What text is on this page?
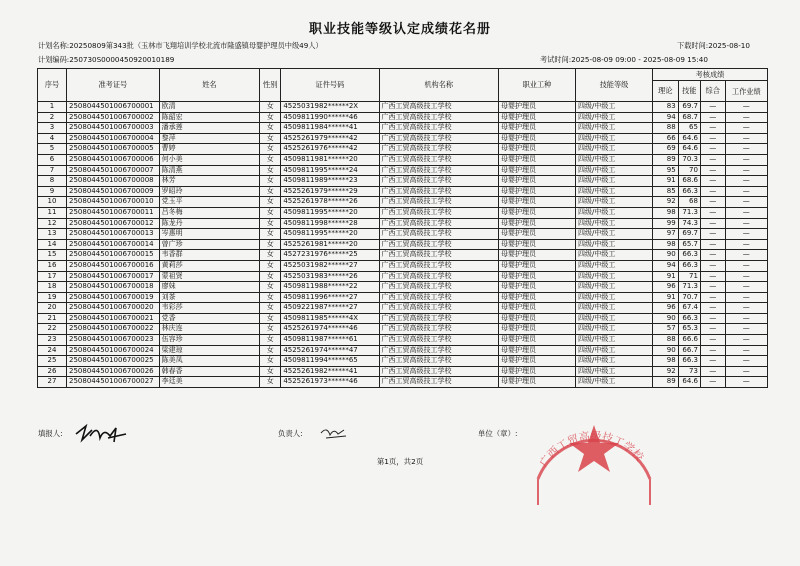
职业技能等级认定成绩花名册
计划名称:20250809第343批（玉林市飞翔培训学校北流市隆盛镇母婴护理员中级49人）
计划编码:250730S0000450920010189
下载时间:2025-08-10
考试时间:2025-08-09 09:00 - 2025-08-09 15:40
序号	准考证号	姓名	性别	证件号码	机构名称	职业工种	技能等级	考核成绩			
								理论	技能	综合	工作业绩
1	2508044501006700001	欧清	女	4525031982******2X	广西工贸高级技工学校	母婴护理员	四级/中级工	83	69.7	—	—
2	2508044501006700002	陈韶宏	女	4509811990******46	广西工贸高级技工学校	母婴护理员	四级/中级工	94	68.7	—	—
3	2508044501006700003	潘承莲	女	4509811984******41	广西工贸高级技工学校	母婴护理员	四级/中级工	88	65	—	—
4	2508044501006700004	黎萍	女	4525261979******42	广西工贸高级技工学校	母婴护理员	四级/中级工	66	64.6	—	—
5	2508044501006700005	曹婷	女	4525261976******42	广西工贸高级技工学校	母婴护理员	四级/中级工	69	64.6	—	—
6	2508044501006700006	何小美	女	4509811981******20	广西工贸高级技工学校	母婴护理员	四级/中级工	89	70.3	—	—
7	2508044501006700007	陈清燕	女	4509811995******24	广西工贸高级技工学校	母婴护理员	四级/中级工	95	70	—	—
8	2508044501006700008	林芳	女	4509811989******23	广西工贸高级技工学校	母婴护理员	四级/中级工	91	68.6	—	—
9	2508044501006700009	罗昭玲	女	4525261979******29	广西工贸高级技工学校	母婴护理员	四级/中级工	85	66.3	—	—
10	2508044501006700010	党玉平	女	4525261978******26	广西工贸高级技工学校	母婴护理员	四级/中级工	92	68	—	—
11	2508044501006700011	吕冬梅	女	4509811995******20	广西工贸高级技工学校	母婴护理员	四级/中级工	98	71.3	—	—
12	2508044501006700012	陈龙丹	女	4509811998******28	广西工贸高级技工学校	母婴护理员	四级/中级工	99	74.3	—	—
13	2508044501006700013	岑惠明	女	4509811995******20	广西工贸高级技工学校	母婴护理员	四级/中级工	97	69.7	—	—
14	2508044501006700014	曾广珍	女	4525261981******20	广西工贸高级技工学校	母婴护理员	四级/中级工	98	65.7	—	—
15	2508044501006700015	韦香群	女	4527231976******25	广西工贸高级技工学校	母婴护理员	四级/中级工	90	66.3	—	—
16	2508044501006700016	黄莉莎	女	4525031982******27	广西工贸高级技工学校	母婴护理员	四级/中级工	94	66.3	—	—
17	2508044501006700017	蒙祖贤	女	4525031983******26	广西工贸高级技工学校	母婴护理员	四级/中级工	91	71	—	—
18	2508044501006700018	廖妹	女	4509811988******22	广西工贸高级技工学校	母婴护理员	四级/中级工	96	71.3	—	—
19	2508044501006700019	刘茶	女	4509811996******27	广西工贸高级技工学校	母婴护理员	四级/中级工	91	70.7	—	—
20	2508044501006700020	韦彩莎	女	4509221987******27	广西工贸高级技工学校	母婴护理员	四级/中级工	96	67.4	—	—
21	2508044501006700021	党香	女	4509811985******4X	广西工贸高级技工学校	母婴护理员	四级/中级工	90	66.3	—	—
22	2508044501006700022	林庆连	女	4525261974******46	广西工贸高级技工学校	母婴护理员	四级/中级工	57	65.3	—	—
23	2508044501006700023	伍容珍	女	4509811987******61	广西工贸高级技工学校	母婴护理员	四级/中级工	88	66.6	—	—
24	2508044501006700024	梁建琼	女	4525261974******47	广西工贸高级技工学校	母婴护理员	四级/中级工	90	66.7	—	—
25	2508044501006700025	陈美凤	女	4509811994******65	广西工贸高级技工学校	母婴护理员	四级/中级工	98	66.3	—	—
26	2508044501006700026	韩春香	女	4525261982******41	广西工贸高级技工学校	母婴护理员	四级/中级工	92	73	—	—
27	2508044501006700027	李廷美	女	4525261973******46	广西工贸高级技工学校	母婴护理员	四级/中级工	89	64.6	—	—
填报人:	负责人:	单位（章）:
第1页，共2页	广西工贸高级技工学校
